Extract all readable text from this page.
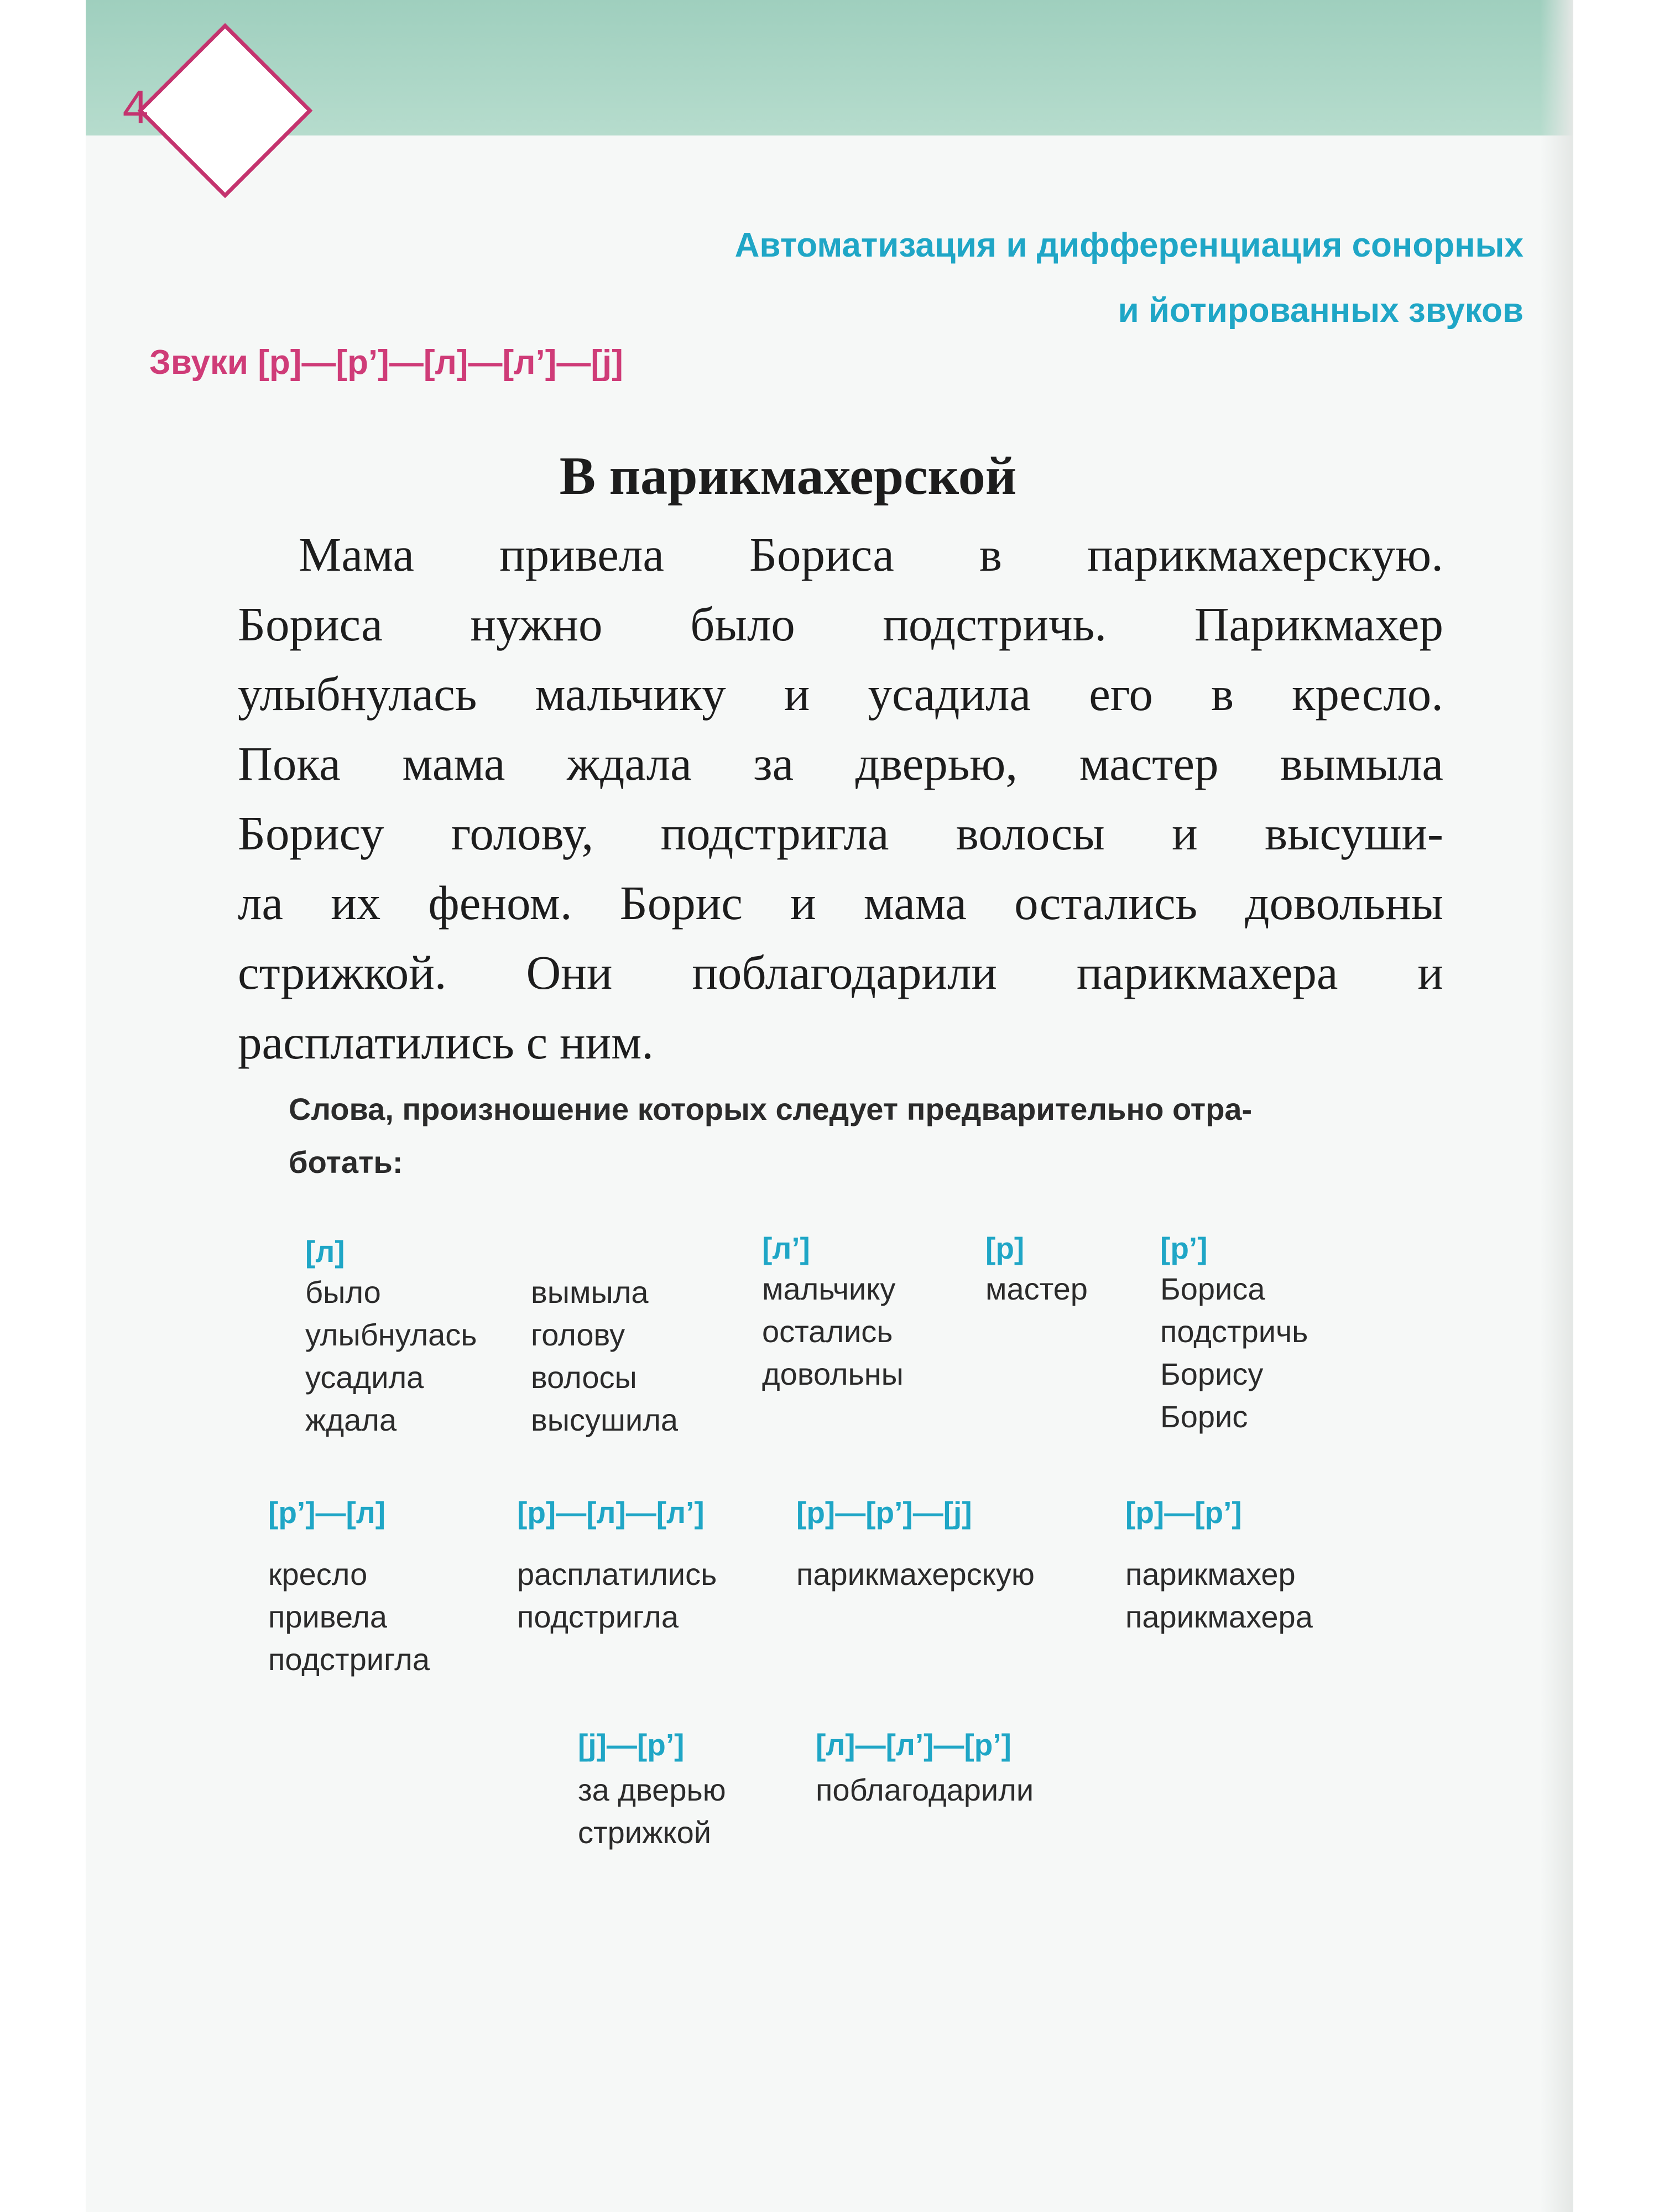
4
Автоматизация и дифференциация сонорных
и йотированных звуков
Звуки [р]—[р’]—[л]—[л’]—[j]
В парикмахерской
Мама привела Бориса в парикмахерскую.
Бориса нужно было подстричь. Парикмахер
улыбнулась мальчику и усадила его в кресло.
Пока мама ждала за дверью, мастер вымыла
Борису голову, подстригла волосы и высуши-
ла их феном. Борис и мама остались довольны
стрижкой. Они поблагодарили парикмахера и
расплатились с ним.
Слова, произношение которых следует предварительно отра-
ботать:
[л]
было
улыбнулась
усадила
ждала
вымыла
голову
волосы
высушила
[л’]
мальчику
остались
довольны
[р]
мастер
[р’]
Бориса
подстричь
Борису
Борис
[р’]—[л]
кресло
привела
подстригла
[р]—[л]—[л’]
расплатились
подстригла
[р]—[р’]—[j]
парикмахерскую
[р]—[р’]
парикмахер
парикмахера
[j]—[р’]
за дверью
стрижкой
[л]—[л’]—[р’]
поблагодарили
